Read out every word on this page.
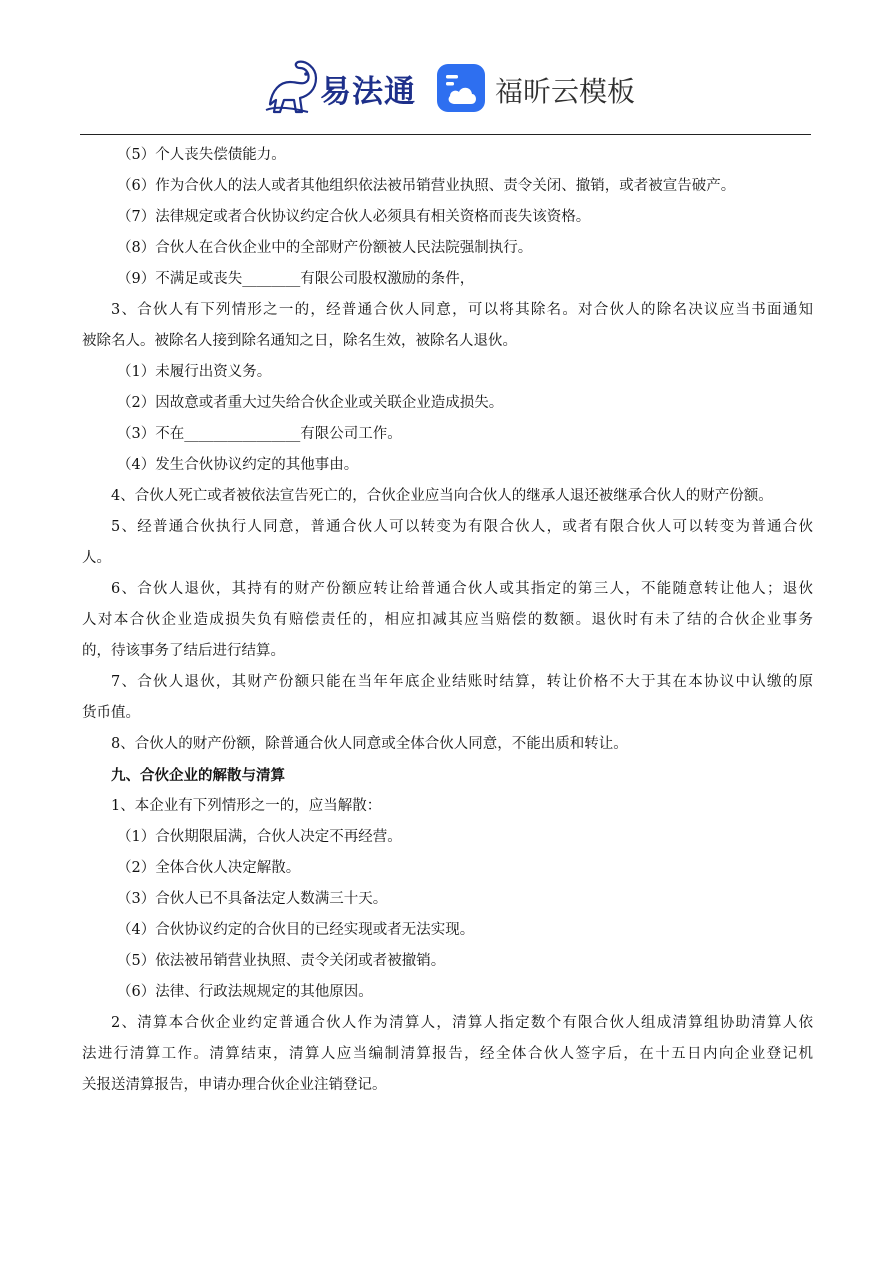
易法通	福昕云模板
（5）个人丧失偿债能力。
（6）作为合伙人的法人或者其他组织依法被吊销营业执照、责令关闭、撤销，或者被宣告破产。
（7）法律规定或者合伙协议约定合伙人必须具有相关资格而丧失该资格。
（8）合伙人在合伙企业中的全部财产份额被人民法院强制执行。
（9）不满足或丧失________有限公司股权激励的条件，
3、合伙人有下列情形之一的，经普通合伙人同意，可以将其除名。对合伙人的除名决议应当书面通知
被除名人。被除名人接到除名通知之日，除名生效，被除名人退伙。
（1）未履行出资义务。
（2）因故意或者重大过失给合伙企业或关联企业造成损失。
（3）不在________________有限公司工作。
（4）发生合伙协议约定的其他事由。
4、合伙人死亡或者被依法宣告死亡的，合伙企业应当向合伙人的继承人退还被继承合伙人的财产份额。
5、经普通合伙执行人同意，普通合伙人可以转变为有限合伙人，或者有限合伙人可以转变为普通合伙
人。
6、合伙人退伙，其持有的财产份额应转让给普通合伙人或其指定的第三人，不能随意转让他人；退伙
人对本合伙企业造成损失负有赔偿责任的，相应扣减其应当赔偿的数额。退伙时有未了结的合伙企业事务
的，待该事务了结后进行结算。
7、合伙人退伙，其财产份额只能在当年年底企业结账时结算，转让价格不大于其在本协议中认缴的原
货币值。
8、合伙人的财产份额，除普通合伙人同意或全体合伙人同意，不能出质和转让。
九、合伙企业的解散与清算
1、本企业有下列情形之一的，应当解散：
（1）合伙期限届满，合伙人决定不再经营。
（2）全体合伙人决定解散。
（3）合伙人已不具备法定人数满三十天。
（4）合伙协议约定的合伙目的已经实现或者无法实现。
（5）依法被吊销营业执照、责令关闭或者被撤销。
（6）法律、行政法规规定的其他原因。
2、清算本合伙企业约定普通合伙人作为清算人，清算人指定数个有限合伙人组成清算组协助清算人依
法进行清算工作。清算结束，清算人应当编制清算报告，经全体合伙人签字后，在十五日内向企业登记机
关报送清算报告，申请办理合伙企业注销登记。
